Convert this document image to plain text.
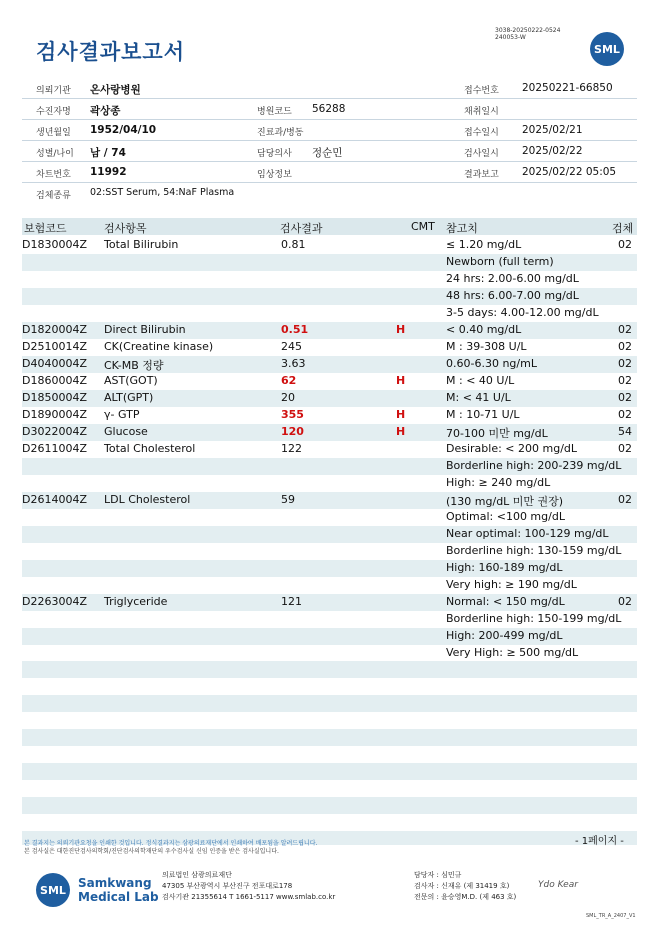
검사결과보고서
3038-20250222-0524
240053-W
SML
의뢰기관 온사랑병원	접수번호 20250221-66850
수진자명 곽상종	병원코드 56288	채취일시
생년월일 1952/04/10	진료과/병동	접수일시 2025/02/21
성별/나이 남 / 74	담당의사 정순민	검사일시 2025/02/22
차트번호 11992	임상정보	결과보고 2025/02/22 05:05
검체종류 02:SST Serum, 54:NaF Plasma
보험코드	검사항목	검사결과	CMT 참고치	검체
D1830004Z Total Bilirubin	0.81	≤ 1.20 mg/dL	02
Newborn (full term)
24 hrs: 2.00-6.00 mg/dL
48 hrs: 6.00-7.00 mg/dL
3-5 days: 4.00-12.00 mg/dL
D1820004Z Direct Bilirubin	0.51	H	< 0.40 mg/dL	02
D2510014Z CK(Creatine kinase)	245	M : 39-308 U/L	02
D4040004Z CK-MB 정량	3.63	0.60-6.30 ng/mL	02
D1860004Z AST(GOT)	62	H	M : < 40 U/L	02
D1850004Z ALT(GPT)	20	M: < 41 U/L	02
D1890004Z γ- GTP	355	H	M : 10-71 U/L	02
D3022004Z Glucose	120	H	70-100 미만 mg/dL	54
D2611004Z Total Cholesterol	122	Desirable: < 200 mg/dL	02
Borderline high: 200-239 mg/dL
High: ≥ 240 mg/dL
D2614004Z LDL Cholesterol	59	(130 mg/dL 미만 권장)	02
Optimal: <100 mg/dL
Near optimal: 100-129 mg/dL
Borderline high: 130-159 mg/dL
High: 160-189 mg/dL
Very high: ≥ 190 mg/dL
D2263004Z Triglyceride	121	Normal: < 150 mg/dL	02
Borderline high: 150-199 mg/dL
High: 200-499 mg/dL
Very High: ≥ 500 mg/dL
- 1페이지 -
본 결과지는 의뢰기관요청을 인쇄한 것입니다. 정식결과지는 삼광의료재단에서 인쇄하여 배포됨을 알려드립니다.
본 검사실은 대한진단검사의학회/진단검사의학재단의 우수검사실 신임 인증을 받은 검사실입니다.
SML	Samkwang
Medical Lab
의료법인 삼광의료재단
47305 부산광역시 부산진구 전포대로178
검사기관 21355614 T 1661-5117 www.smlab.co.kr
담당자 : 심민규
검사자 : 신재유 (제 31419 호)
전문의 : 윤승영M.D. (제 463 호)
Ydo Kear
SML_TR_A_2407_V1
